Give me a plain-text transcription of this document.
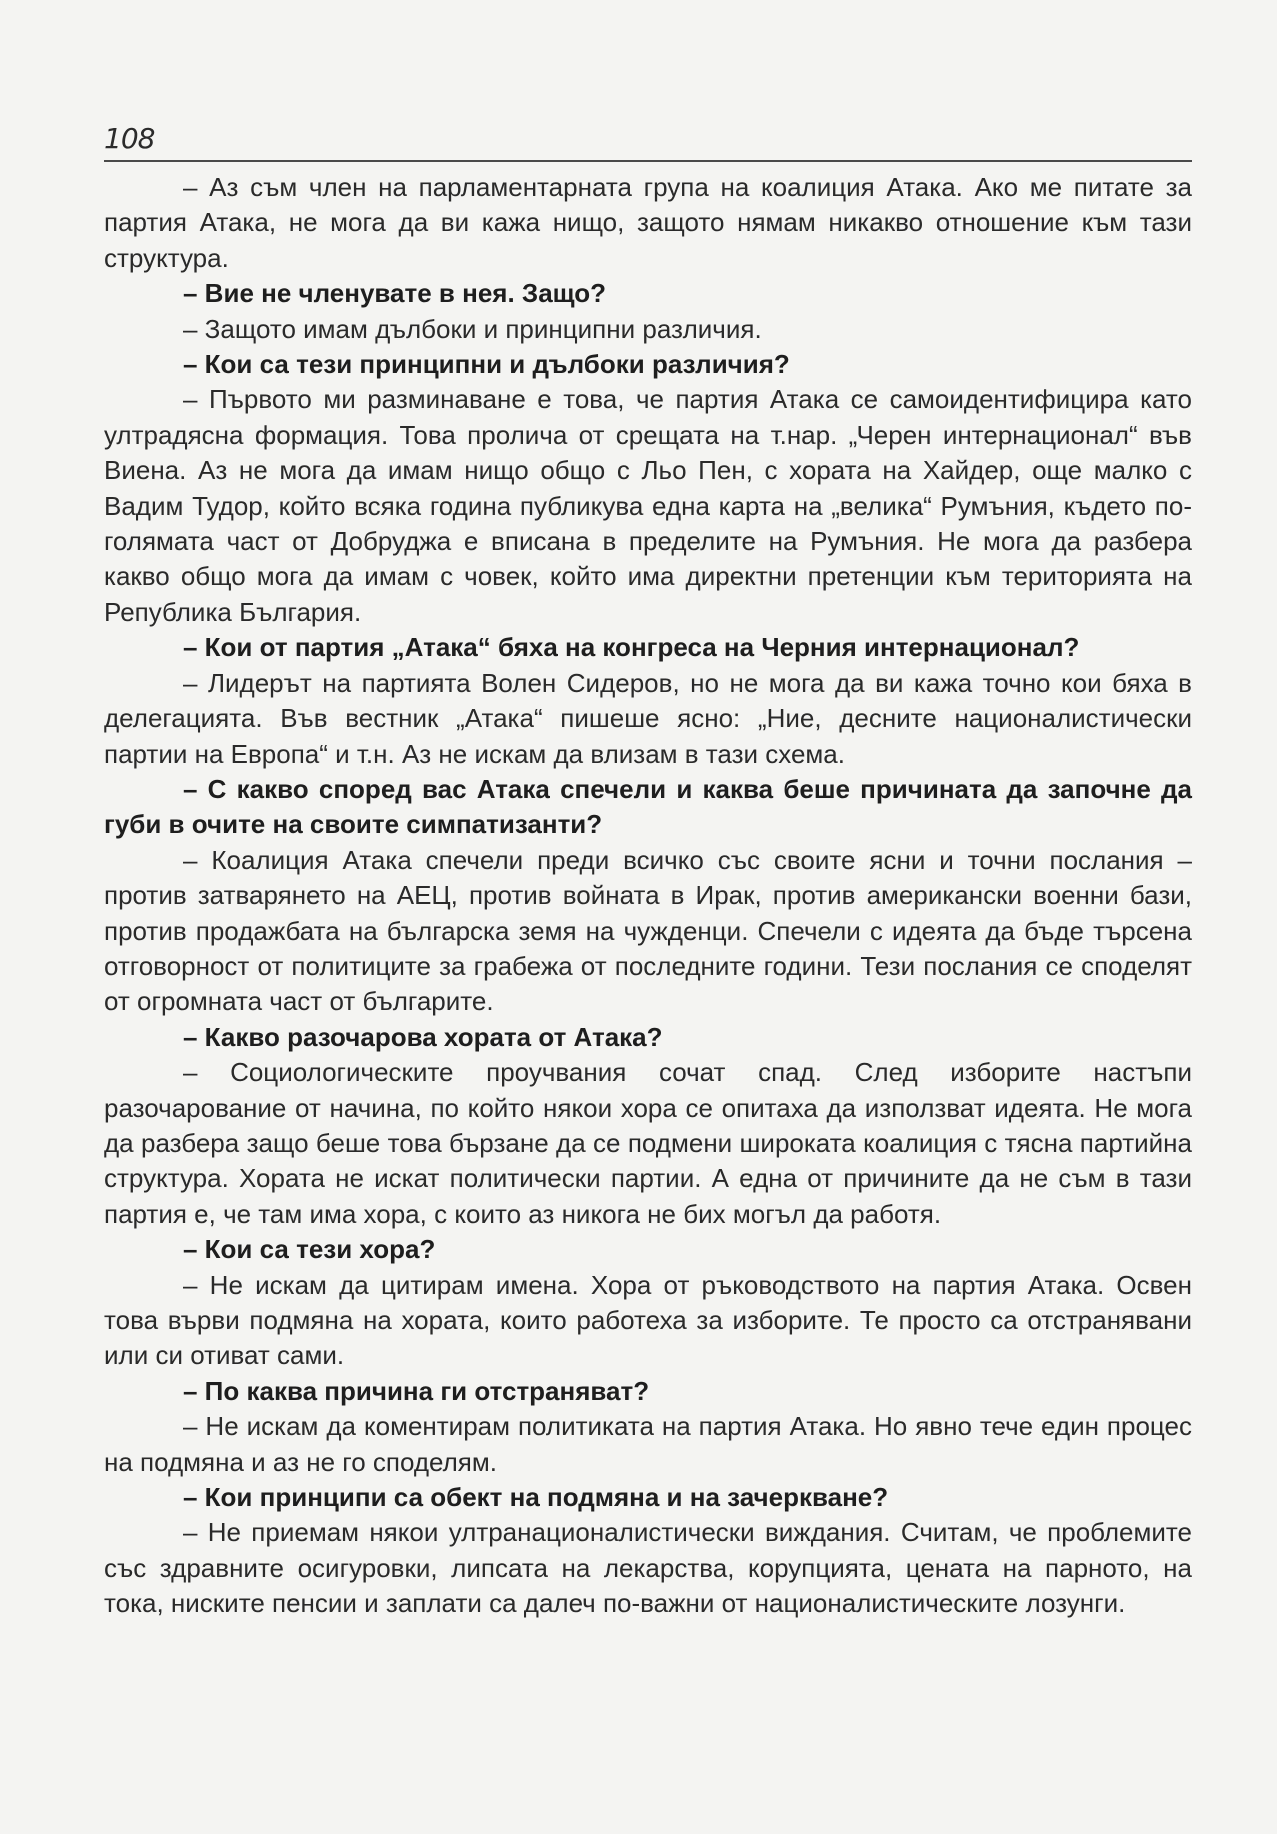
108

– Аз съм член на парламентарната група на коалиция Атака. Ако ме питате за партия Атака, не мога да ви кажа нищо, защото нямам никакво отношение към тази структура.

– Вие не членувате в нея. Защо?

– Защото имам дълбоки и принципни различия.

– Кои са тези принципни и дълбоки различия?

– Първото ми разминаване е това, че партия Атака се самоидентифицира като ултрадясна формация. Това пролича от срещата на т.нар. „Черен интернационал“ във Виена. Аз не мога да имам нищо общо с Льо Пен, с хората на Хайдер, още малко с Вадим Тудор, който всяка година публикува една карта на „велика“ Румъния, където по-голямата част от Добруджа е вписана в пределите на Румъния. Не мога да разбера какво общо мога да имам с човек, който има директни претенции към територията на Република България.

– Кои от партия „Атака“ бяха на конгреса на Черния интернационал?

– Лидерът на партията Волен Сидеров, но не мога да ви кажа точно кои бяха в делегацията. Във вестник „Атака“ пишеше ясно: „Ние, десните националистически партии на Европа“ и т.н. Аз не искам да влизам в тази схема.

– С какво според вас Атака спечели и каква беше причината да започне да губи в очите на своите симпатизанти?

– Коалиция Атака спечели преди всичко със своите ясни и точни послания – против затварянето на АЕЦ, против войната в Ирак, против американски военни бази, против продажбата на българска земя на чужденци. Спечели с идеята да бъде търсена отговорност от политиците за грабежа от последните години. Тези послания се споделят от огромната част от българите.

– Какво разочарова хората от Атака?

– Социологическите проучвания сочат спад. След изборите настъпи разочарование от начина, по който някои хора се опитаха да използват идеята. Не мога да разбера защо беше това бързане да се подмени широката коалиция с тясна партийна структура. Хората не искат политически партии. А една от причините да не съм в тази партия е, че там има хора, с които аз никога не бих могъл да работя.

– Кои са тези хора?

– Не искам да цитирам имена. Хора от ръководството на партия Атака. Освен това върви подмяна на хората, които работеха за изборите. Те просто са отстранявани или си отиват сами.

– По каква причина ги отстраняват?

– Не искам да коментирам политиката на партия Атака. Но явно тече един процес на подмяна и аз не го споделям.

– Кои принципи са обект на подмяна и на зачеркване?

– Не приемам някои ултранационалистически виждания. Считам, че проблемите със здравните осигуровки, липсата на лекарства, корупцията, цената на парното, на тока, ниските пенсии и заплати са далеч по-важни от националистическите лозунги.
